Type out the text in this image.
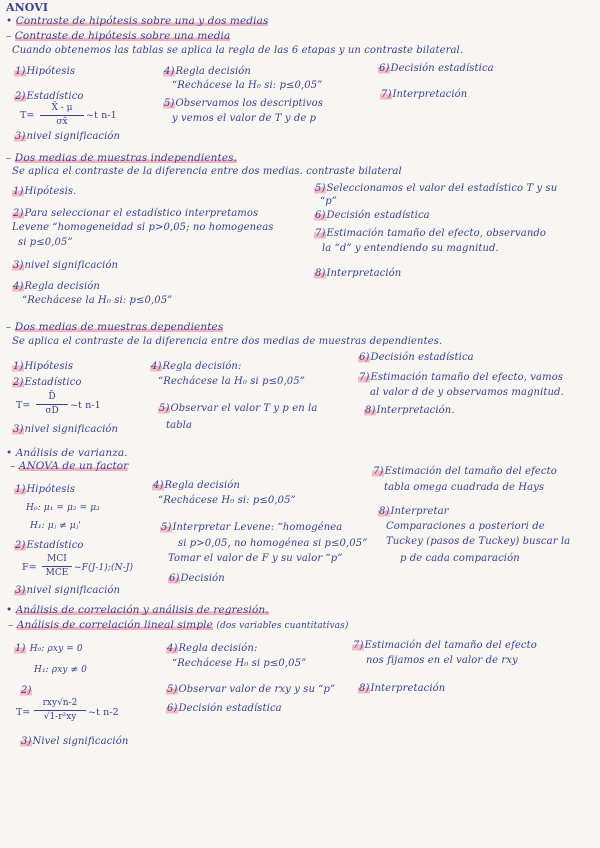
ANOVI
• Contraste de hipótesis sobre una y dos medias
– Contraste de hipótesis sobre una media
Cuando obtenemos las tablas se aplica la regla de las 6 etapas y un contraste bilateral.
1)Hipótesis
2)Estadístico
T=
X̄ - μ
σx̄
~t n-1
3)nivel significación
4)Regla decisión
“Rechácese la H₀ si: p≤0,05”
5)Observamos los descriptivos
y vemos el valor de T y de p
6)Decisión estadística
7)Interpretación
– Dos medias de muestras independientes.
Se aplica el contraste de la diferencia entre dos medias. contraste bilateral
1)Hipótesis.
2)Para seleccionar el estadístico interpretamos
Levene “homogeneidad si p>0,05; no homogeneas
si p≤0,05”
3)nivel significación
4)Regla decisión
“Rechácese la H₀ si: p≤0,05”
5)Seleccionamos el valor del estadístico T y su
“p”
6)Decisión estadística
7)Estimación tamaño del efecto, observando
la “d” y entendiendo su magnitud.
8)Interpretación
– Dos medias de muestras dependientes
Se aplica el contraste de la diferencia entre dos medias de muestras dependientes.
1)Hipótesis
2)Estadístico
T=
D̄
σD̄	~t n-1
3)nivel significación
4)Regla decisión:
“Rechácese la H₀ si p≤0,05”
5)Observar el valor T y p en la
tabla
6)Decisión estadística
7)Estimación tamaño del efecto, vamos
al valor d de y observamos magnitud.
8)Interpretación.
• Análisis de varianza.
– ANOVA de un factor
1)Hipótesis
H₀: μ₁ = μ₂ = μ₃
H₁: μⱼ ≠ μⱼ'
2)Estadístico
F=
MCI
MCE ~F(J-1);(N-J)
3)nivel significación
4)Regla decisión
“Rechácese H₀ si: p≤0,05”
5)Interpretar Levene: “homogénea
si p>0,05, no homogénea si p≤0,05”
Tomar el valor de F y su valor “p”
6)Decisión
7)Estimación del tamaño del efecto
tabla omega cuadrada de Hays
8)Interpretar
Comparaciones a posteriori de
Tuckey (pasos de Tuckey) buscar la
p de cada comparación
• Análisis de correlación y análisis de regresión.
– Análisis de correlación lineal simple (dos variables cuantitativas)
1) H₀: ρxy = 0
H₁: ρxy ≠ 0
2)
T=
rxy√n-2
√1-r²xy	~t n-2
3)Nivel significación
4)Regla decisión:
“Rechácese H₀ si p≤0,05”
5)Observar valor de rxy y su “p”
6)Decisión estadística
7)Estimación del tamaño del efecto
nos fijamos en el valor de rxy
8)Interpretación
